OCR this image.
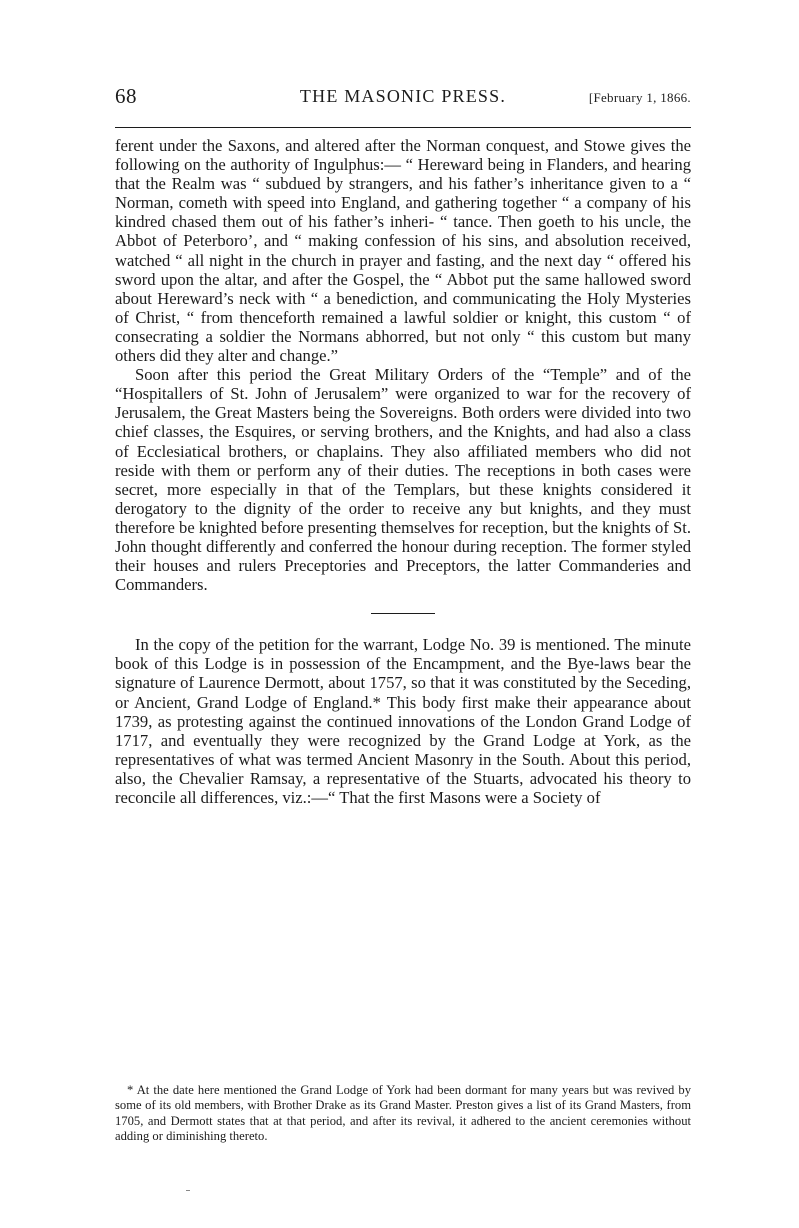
68	THE MASONIC PRESS.	[February 1, 1866.

ferent under the Saxons, and altered after the Norman conquest, and Stowe gives the following on the authority of Ingulphus:— “ Hereward being in Flanders, and hearing that the Realm was “ subdued by strangers, and his father’s inheritance given to a “ Norman, cometh with speed into England, and gathering together “ a company of his kindred chased them out of his father’s inheri- “ tance. Then goeth to his uncle, the Abbot of Peterboro’, and “ making confession of his sins, and absolution received, watched “ all night in the church in prayer and fasting, and the next day “ offered his sword upon the altar, and after the Gospel, the “ Abbot put the same hallowed sword about Hereward’s neck with “ a benediction, and communicating the Holy Mysteries of Christ, “ from thenceforth remained a lawful soldier or knight, this custom “ of consecrating a soldier the Normans abhorred, but not only “ this custom but many others did they alter and change.”

Soon after this period the Great Military Orders of the “Temple” and of the “Hospitallers of St. John of Jerusalem” were organized to war for the recovery of Jerusalem, the Great Masters being the Sovereigns. Both orders were divided into two chief classes, the Esquires, or serving brothers, and the Knights, and had also a class of Ecclesiatical brothers, or chaplains. They also affiliated members who did not reside with them or perform any of their duties. The receptions in both cases were secret, more especially in that of the Templars, but these knights considered it derogatory to the dignity of the order to receive any but knights, and they must therefore be knighted before presenting themselves for reception, but the knights of St. John thought differently and conferred the honour during reception. The former styled their houses and rulers Preceptories and Preceptors, the latter Commanderies and Commanders.

In the copy of the petition for the warrant, Lodge No. 39 is mentioned. The minute book of this Lodge is in possession of the Encampment, and the Bye-laws bear the signature of Laurence Dermott, about 1757, so that it was constituted by the Seceding, or Ancient, Grand Lodge of England.* This body first make their appearance about 1739, as protesting against the continued innovations of the London Grand Lodge of 1717, and eventually they were recognized by the Grand Lodge at York, as the representatives of what was termed Ancient Masonry in the South. About this period, also, the Chevalier Ramsay, a representative of the Stuarts, advocated his theory to reconcile all differences, viz.:—“ That the first Masons were a Society of

* At the date here mentioned the Grand Lodge of York had been dormant for many years but was revived by some of its old members, with Brother Drake as its Grand Master. Preston gives a list of its Grand Masters, from 1705, and Dermott states that at that period, and after its revival, it adhered to the ancient ceremonies without adding or diminishing thereto.
